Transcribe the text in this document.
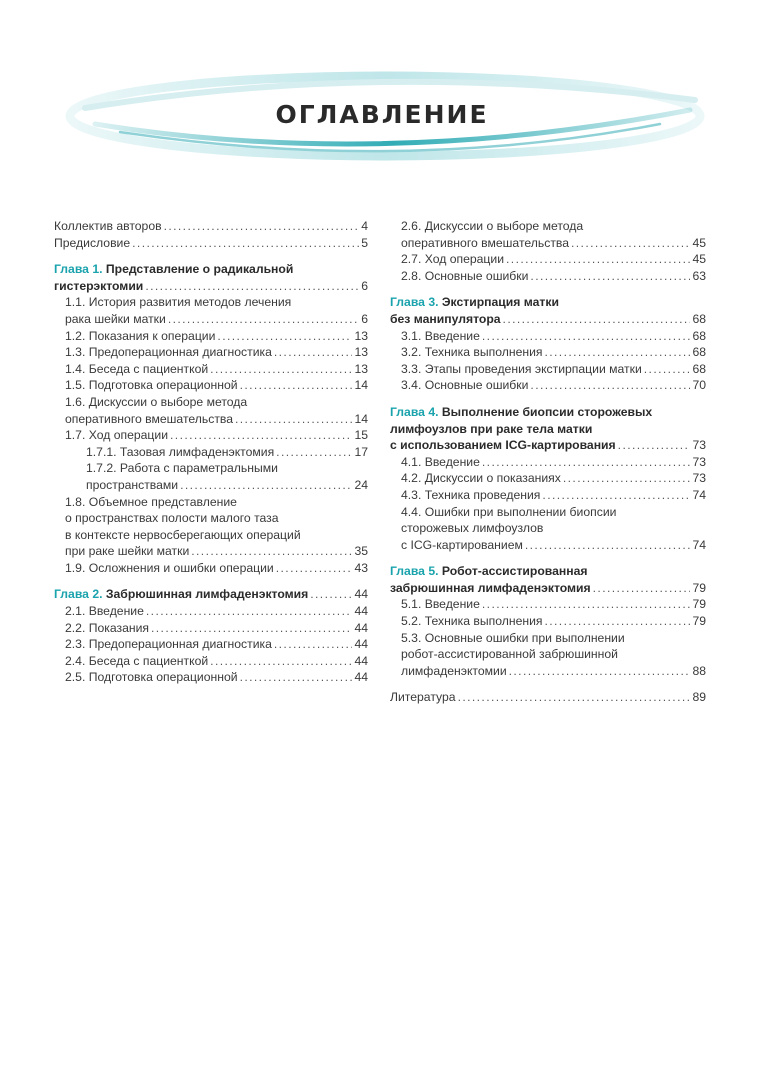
ОГЛАВЛЕНИЕ
Коллектив авторов . . .	4
Предисловие . . .	5
Глава 1. Представление о радикальной
гистерэктомии . . .	6
1.1. История развития методов лечения
рака шейки матки . . .	6
1.2. Показания к операции . . .	13
1.3. Предоперационная диагностика . . .	13
1.4. Беседа с пациенткой . . .	13
1.5. Подготовка операционной . . .	14
1.6. Дискуссии о выборе метода
оперативного вмешательства . . .	14
1.7. Ход операции . . .	15
1.7.1. Тазовая лимфаденэктомия . . .	17
1.7.2. Работа с параметральными
пространствами . . .	24
1.8. Объемное представление
о пространствах полости малого таза
в контексте нервосберегающих операций
при раке шейки матки . . .	35
1.9. Осложнения и ошибки операции . . .	43
Глава 2. Забрюшинная лимфаденэктомия . . .	44
2.1. Введение . . .	44
2.2. Показания . . .	44
2.3. Предоперационная диагностика . . .	44
2.4. Беседа с пациенткой . . .	44
2.5. Подготовка операционной . . .	44
2.6. Дискуссии о выборе метода
оперативного вмешательства . . .	45
2.7. Ход операции . . .	45
2.8. Основные ошибки . . .	63
Глава 3. Экстирпация матки
без манипулятора . . .	68
3.1. Введение . . .	68
3.2. Техника выполнения . . .	68
3.3. Этапы проведения экстирпации матки . . .	68
3.4. Основные ошибки . . .	70
Глава 4. Выполнение биопсии сторожевых
лимфоузлов при раке тела матки
с использованием ICG-картирования . . .	73
4.1. Введение . . .	73
4.2. Дискуссии о показаниях . . .	73
4.3. Техника проведения . . .	74
4.4. Ошибки при выполнении биопсии
сторожевых лимфоузлов
с ICG-картированием . . .	74
Глава 5. Робот-ассистированная
забрюшинная лимфаденэктомия . . .	79
5.1. Введение . . .	79
5.2. Техника выполнения . . .	79
5.3. Основные ошибки при выполнении
робот-ассистированной забрюшинной
лимфаденэктомии . . .	88
Литература . . .	89
